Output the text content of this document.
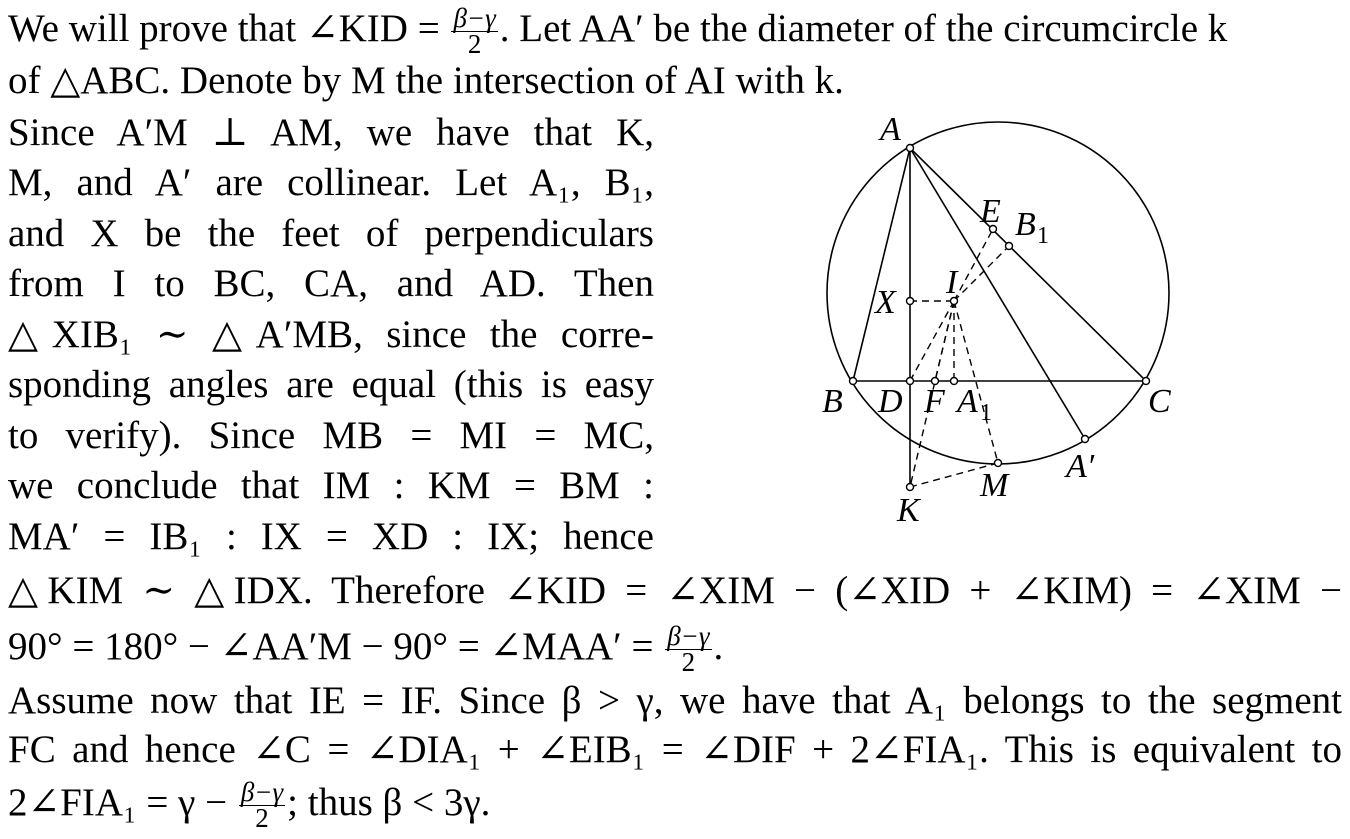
We will prove that ∠KID = $\frac{\beta-\gamma}{2}$ . Let AA′ be the diameter of the circumcircle k
of △ABC. Denote by M the intersection of AI with k.
Since A′M ⊥ AM, we have that K,
M, and A′ are collinear. Let A₁, B₁,
and X be the feet of perpendiculars
from I to BC, CA, and AD. Then
△XIB₁ ∼ △A′MB, since the corre-
sponding angles are equal (this is easy
to verify). Since MB = MI = MC,
we conclude that IM : KM = BM :
MA′ = IB₁ : IX = XD : IX; hence
△KIM ∼ △IDX. Therefore ∠KID = ∠XIM − (∠XID + ∠KIM) = ∠XIM −
90° = 180° − ∠AA′M − 90° = ∠MAA′ = $\frac{\beta-\gamma}{2}$ .
Assume now that IE = IF. Since β > γ, we have that A₁ belongs to the segment
FC and hence ∠C = ∠DIA₁ + ∠EIB₁ = ∠DIF + 2∠FIA₁. This is equivalent to
2∠FIA₁ = $\gamma - \frac{\beta-\gamma}{2}$ ; thus β < 3γ.
A
E B 1
I
X
B D F A 1	C
A′
M
K
